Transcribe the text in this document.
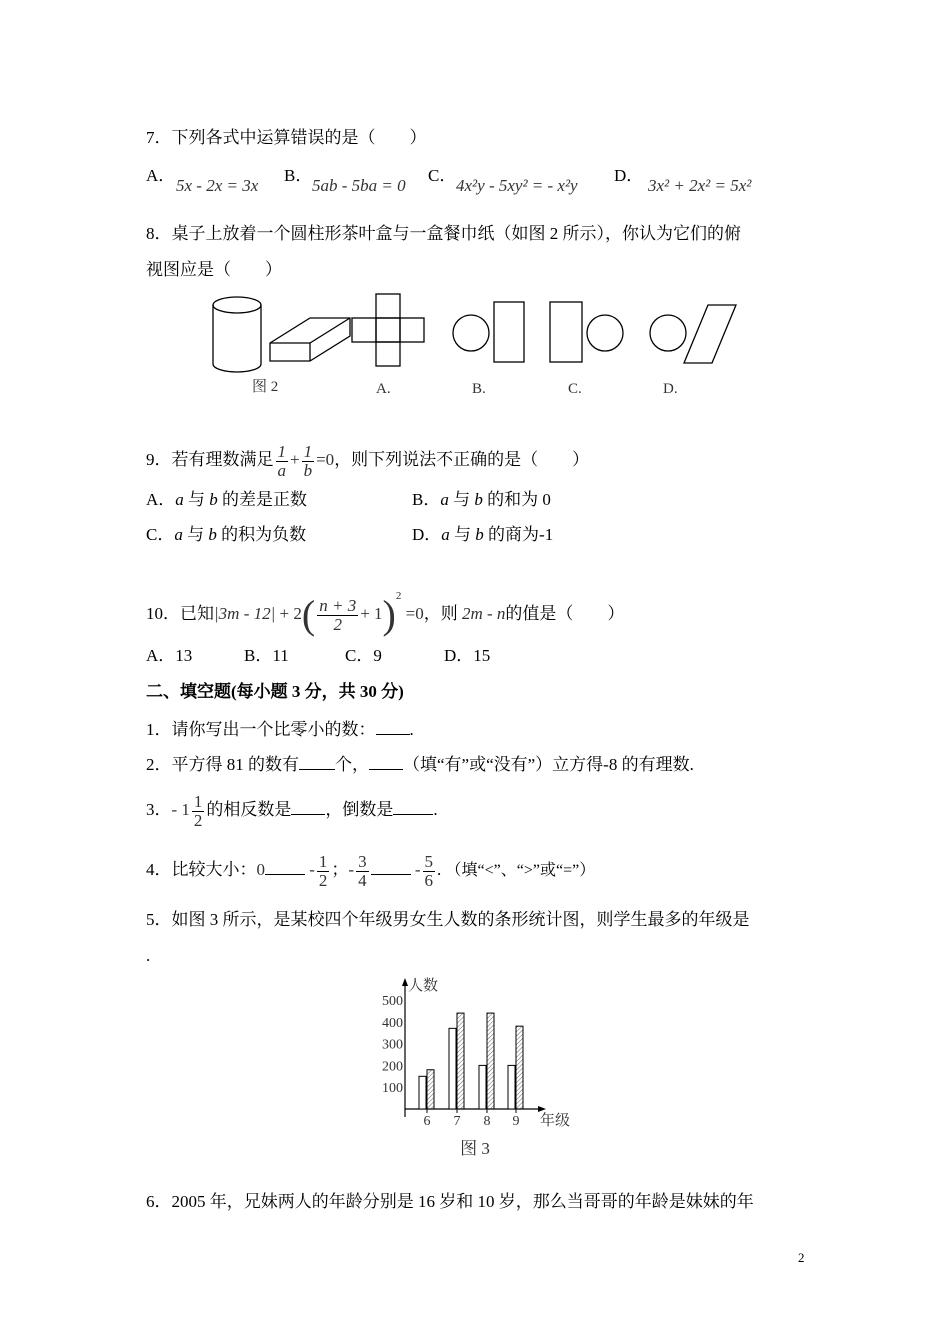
7．下列各式中运算错误的是（　　）
A．
5x - 2x = 3x
B．
5ab - 5ba = 0
C．
4x²y - 5xy² = - x²y
D．
3x² + 2x² = 5x²
8．桌子上放着一个圆柱形茶叶盒与一盒餐巾纸（如图 2 所示），你认为它们的俯
视图应是（　　）
图 2	A.	B.	C.	D.
9．若有理数满足 $\frac{1}{a} + \frac{1}{b} =0$，则下列说法不正确的是（　　）
A．a 与 b 的差是正数	B．a 与 b 的和为 0
C．a 与 b 的积为负数	D．a 与 b 的商为-1
10．已知$|3m - 12| + 2( \frac{n + 3}{2} + 1)^2 =0$，则 2m - n的值是（　　）
A．13	B．11	C．9	D．15
二、填空题(每小题 3 分，共 30 分)
1．请你写出一个比零小的数： .
2．平方得 81 的数有 个， （填“有”或“没有”）立方得-8 的有理数.
3．- $1 \frac{1}{2}$ 的相反数是 ，倒数是 .
4．比较大小：0	- $\frac{1}{2}$ ；- $\frac{3}{4}$	- $\frac{5}{6}$ . （填“<”、“>”或“=”）
5．如图 3 所示，是某校四个年级男女生人数的条形统计图，则学生最多的年级是
.
人数
年级
100
200
300
400
500
6 7 8 9
图 3
6．2005 年，兄妹两人的年龄分别是 16 岁和 10 岁，那么当哥哥的年龄是妹妹的年
2
